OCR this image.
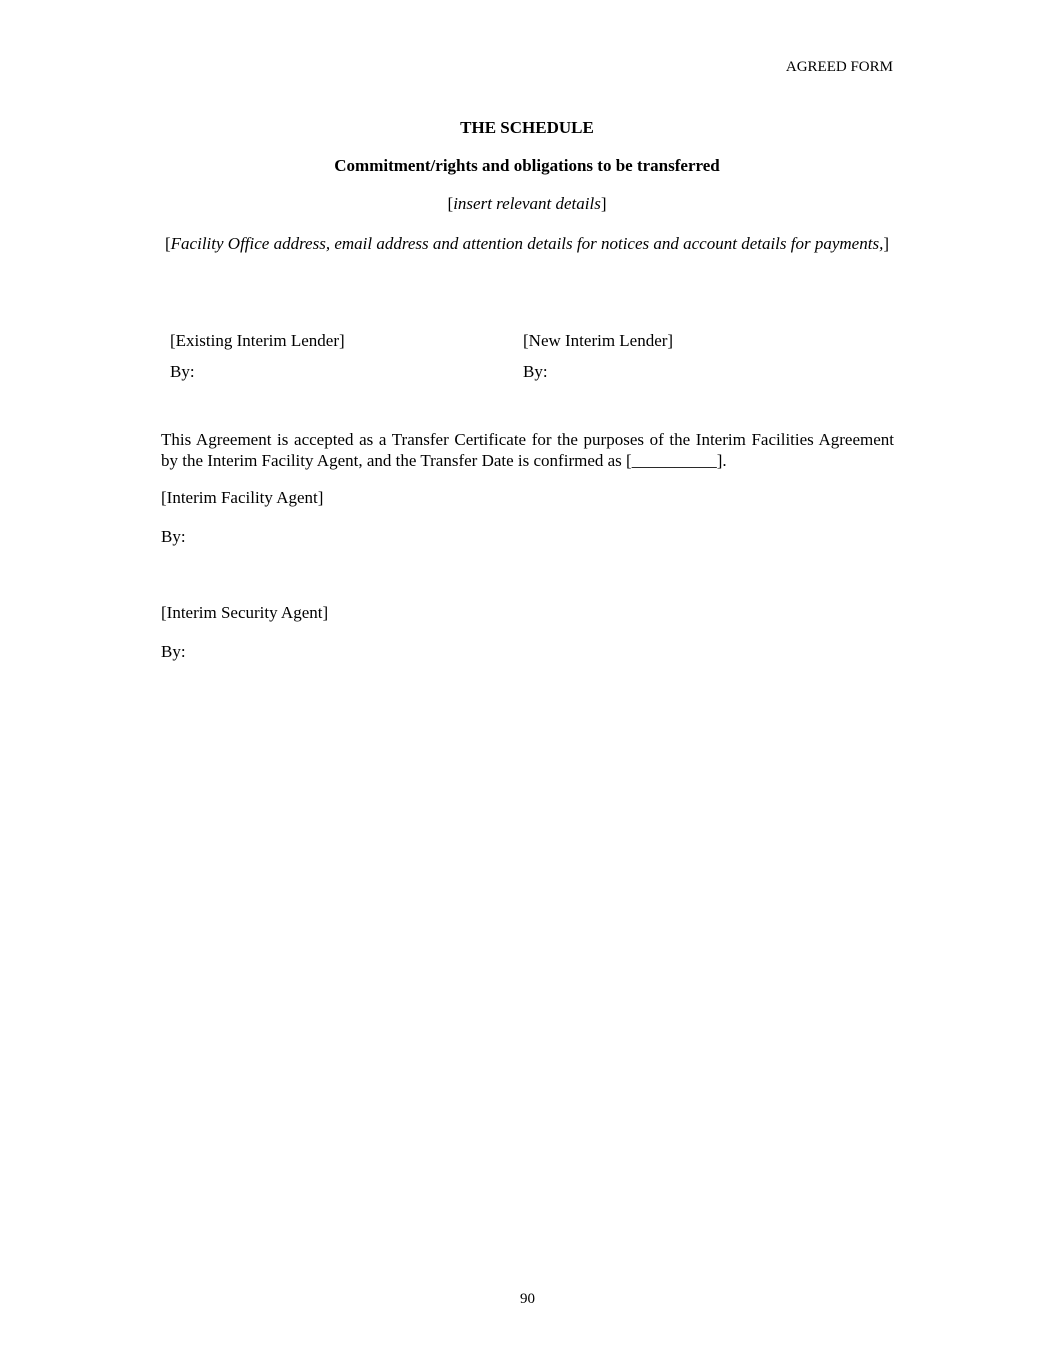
AGREED FORM
THE SCHEDULE
Commitment/rights and obligations to be transferred
[insert relevant details]
[Facility Office address, email address and attention details for notices and account details for payments,]
[Existing Interim Lender]
By:
[New Interim Lender]
By:
This Agreement is accepted as a Transfer Certificate for the purposes of the Interim Facilities Agreement by the Interim Facility Agent, and the Transfer Date is confirmed as [__________].
[Interim Facility Agent]
By:
[Interim Security Agent]
By:
90
